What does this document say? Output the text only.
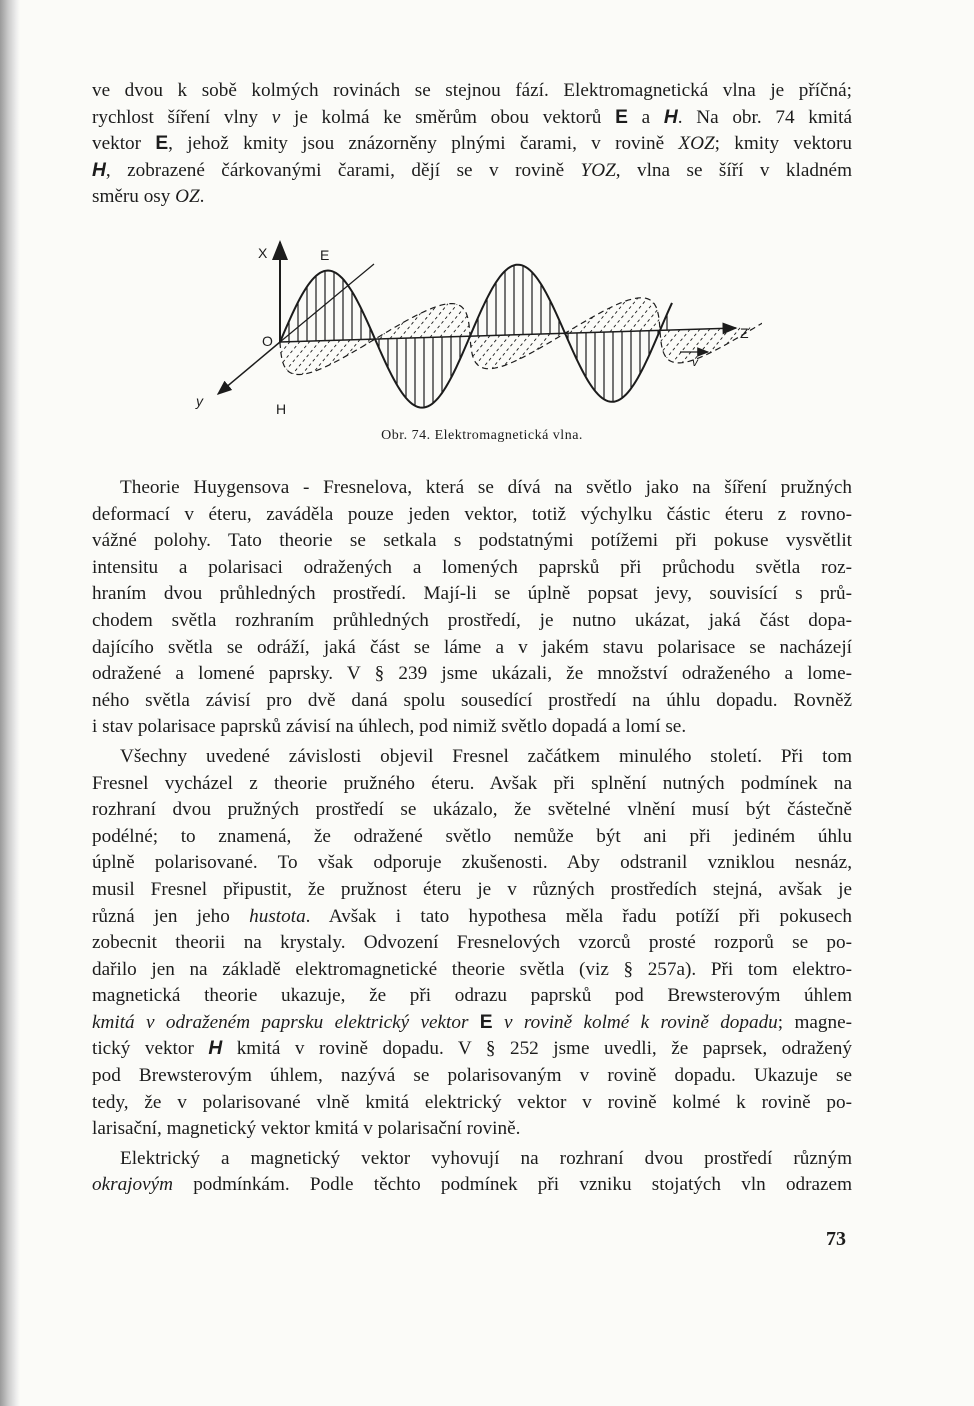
ve dvou k sobě kolmých rovinách se stejnou fází. Elektromagnetická vlna je příčná;

rychlost šíření vlny v je kolmá ke směrům obou vektorů E a H. Na obr. 74 kmitá

vektor E, jehož kmity jsou znázorněny plnými čarami, v rovině XOZ; kmity vektoru

H, zobrazené čárkovanými čarami, dějí se v rovině YOZ, vlna se šíří v kladném

směru osy OZ.

X	E
O	Z
v
y	H
Obr. 74. Elektromagnetická vlna.

Theorie Huygensova - Fresnelova, která se dívá na světlo jako na šíření pružných

deformací v éteru, zaváděla pouze jeden vektor, totiž výchylku částic éteru z rovno-

vážné polohy. Tato theorie se setkala s podstatnými potížemi při pokuse vysvětlit

intensitu a polarisaci odražených a lomených paprsků při průchodu světla roz-

hraním dvou průhledných prostředí. Mají-li se úplně popsat jevy, souvisící s prů-

chodem světla rozhraním průhledných prostředí, je nutno ukázat, jaká část dopa-

dajícího světla se odráží, jaká část se láme a v jakém stavu polarisace se nacházejí

odražené a lomené paprsky. V § 239 jsme ukázali, že množství odraženého a lome-

ného světla závisí pro dvě daná spolu sousedící prostředí na úhlu dopadu. Rovněž

i stav polarisace paprsků závisí na úhlech, pod nimiž světlo dopadá a lomí se.

Všechny uvedené závislosti objevil Fresnel začátkem minulého století. Při tom

Fresnel vycházel z theorie pružného éteru. Avšak při splnění nutných podmínek na

rozhraní dvou pružných prostředí se ukázalo, že světelné vlnění musí být částečně

podélné; to znamená, že odražené světlo nemůže být ani při jediném úhlu

úplně polarisované. To však odporuje zkušenosti. Aby odstranil vzniklou nesnáz,

musil Fresnel připustit, že pružnost éteru je v různých prostředích stejná, avšak je

různá jen jeho hustota. Avšak i tato hypothesa měla řadu potíží při pokusech

zobecnit theorii na krystaly. Odvození Fresnelových vzorců prosté rozporů se po-

dařilo jen na základě elektromagnetické theorie světla (viz § 257a). Při tom elektro-

magnetická theorie ukazuje, že při odrazu paprsků pod Brewsterovým úhlem

kmitá v odraženém paprsku elektrický vektor E v rovině kolmé k rovině dopadu; magne-

tický vektor H kmitá v rovině dopadu. V § 252 jsme uvedli, že paprsek, odražený

pod Brewsterovým úhlem, nazývá se polarisovaným v rovině dopadu. Ukazuje se

tedy, že v polarisované vlně kmitá elektrický vektor v rovině kolmé k rovině po-

larisační, magnetický vektor kmitá v polarisační rovině.

Elektrický a magnetický vektor vyhovují na rozhraní dvou prostředí různým

okrajovým podmínkám. Podle těchto podmínek při vzniku stojatých vln odrazem

73
